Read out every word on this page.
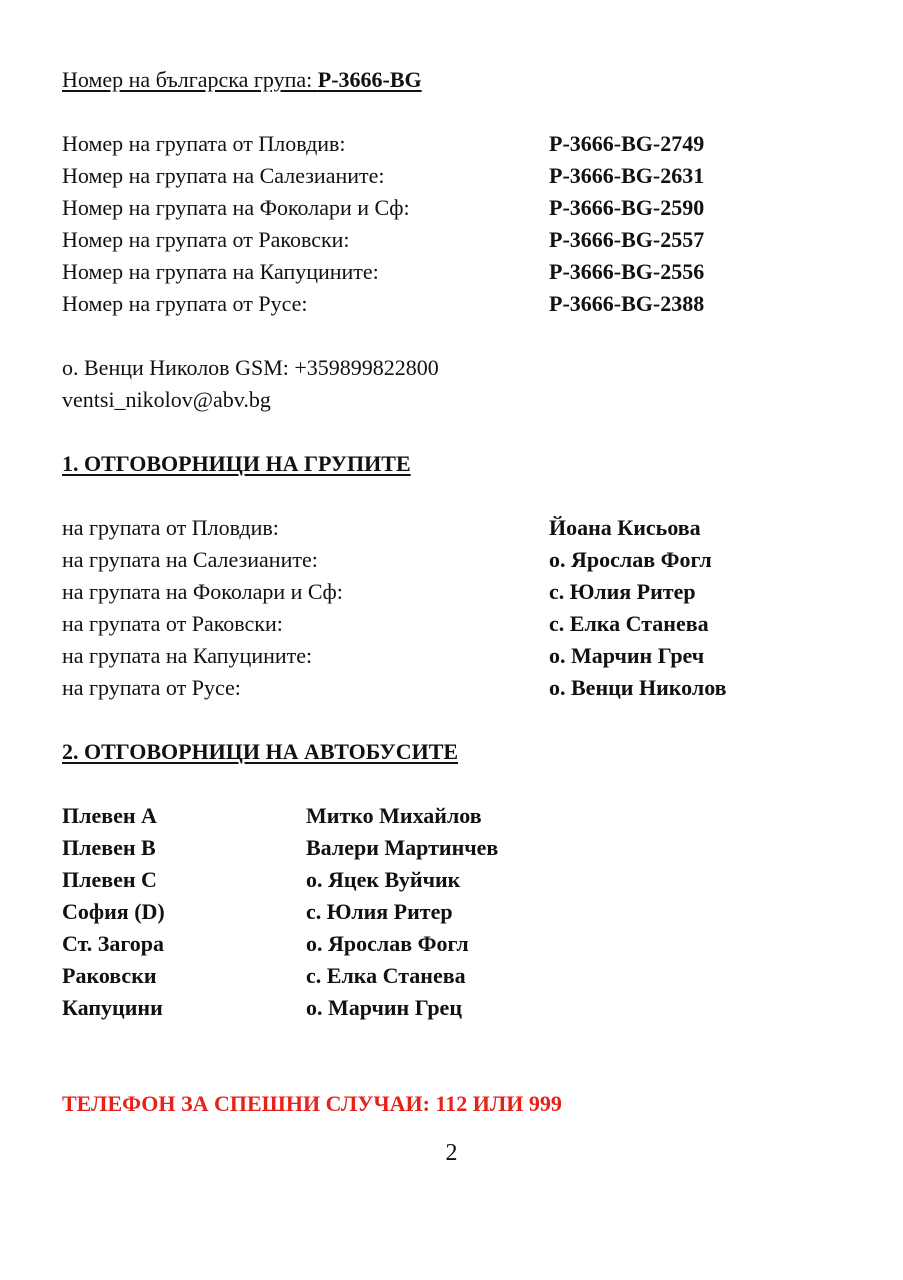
Номер на българска група: P-3666-BG
Номер на групата от Пловдив:	P-3666-BG-2749
Номер на групата на Салезианите:	P-3666-BG-2631
Номер на групата на Фоколари и Сф:	P-3666-BG-2590
Номер на групата от Раковски:	P-3666-BG-2557
Номер на групата на Капуцините:	P-3666-BG-2556
Номер на групата от Русе:	P-3666-BG-2388
о. Венци Николов GSM: +359899822800
ventsi_nikolov@abv.bg
1. ОТГОВОРНИЦИ НА ГРУПИТЕ
на групата от Пловдив:	Йоана Кисьова
на групата на Салезианите:	о. Ярослав Фогл
на групата на Фоколари и Сф:	с. Юлия Ритер
на групата от Раковски:	с. Елка Станева
на групата на Капуцините:	о. Марчин Греч
на групата от Русе:	о. Венци Николов
2. ОТГОВОРНИЦИ НА АВТОБУСИТЕ
Плевен А	Митко Михайлов
Плевен В	Валери Мартинчев
Плевен С	о. Яцек Вуйчик
София (D)	с. Юлия Ритер
Ст. Загора	о. Ярослав Фогл
Раковски	с. Елка Станева
Капуцини	о. Марчин Грец
ТЕЛЕФОН ЗА СПЕШНИ СЛУЧАИ: 112 ИЛИ 999
2
